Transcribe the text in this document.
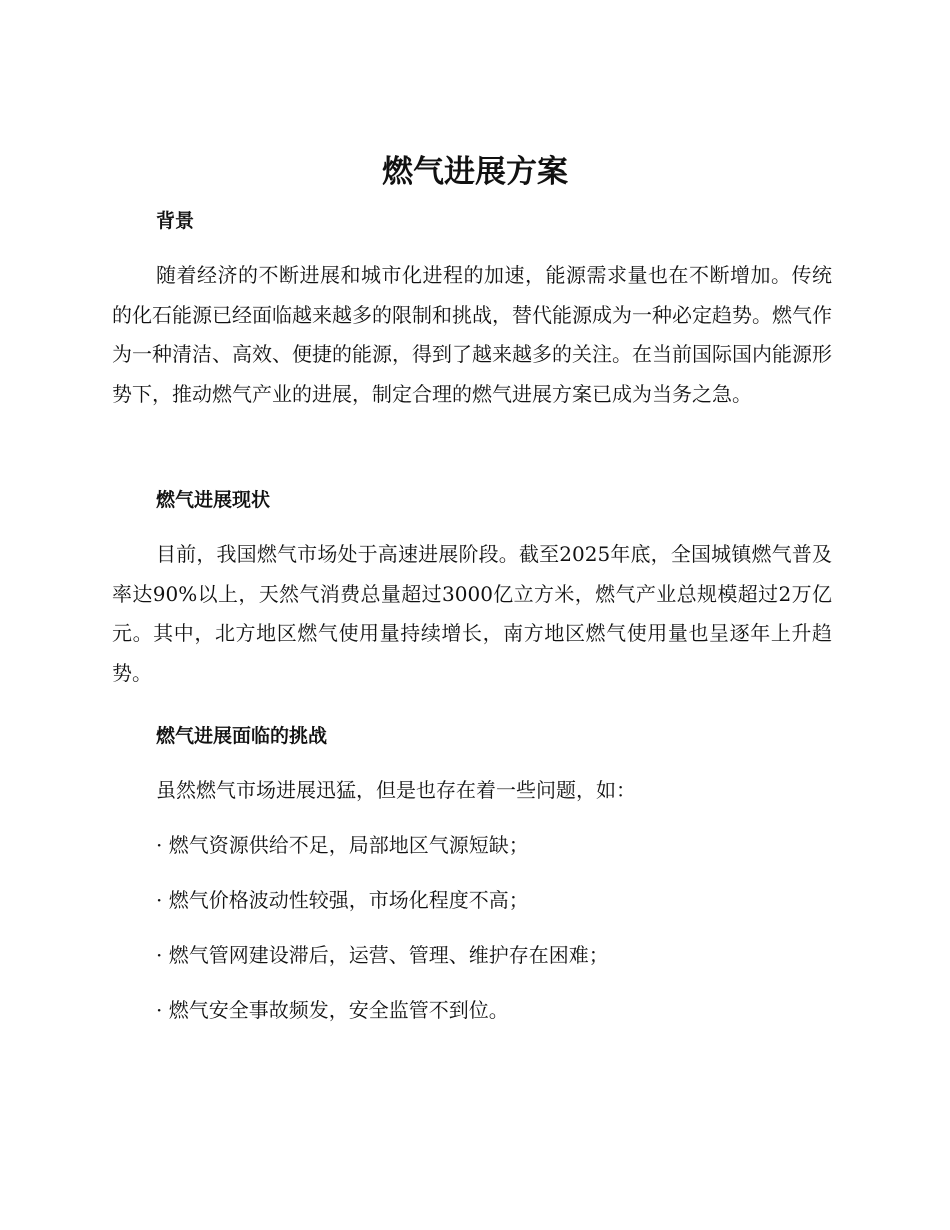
燃气进展方案
背景

随着经济的不断进展和城市化进程的加速，能源需求量也在不断增加。传统的化石能源已经面临越来越多的限制和挑战，替代能源成为一种必定趋势。燃气作为一种清洁、高效、便捷的能源，得到了越来越多的关注。在当前国际国内能源形势下，推动燃气产业的进展，制定合理的燃气进展方案已成为当务之急。

燃气进展现状

目前，我国燃气市场处于高速进展阶段。截至2025年底，全国城镇燃气普及率达90%以上，天然气消费总量超过3000亿立方米，燃气产业总规模超过2万亿元。其中，北方地区燃气使用量持续增长，南方地区燃气使用量也呈逐年上升趋势。

燃气进展面临的挑战

虽然燃气市场进展迅猛，但是也存在着一些问题，如：

· 燃气资源供给不足，局部地区气源短缺；

· 燃气价格波动性较强，市场化程度不高；

· 燃气管网建设滞后，运营、管理、维护存在困难；

· 燃气安全事故频发，安全监管不到位。
